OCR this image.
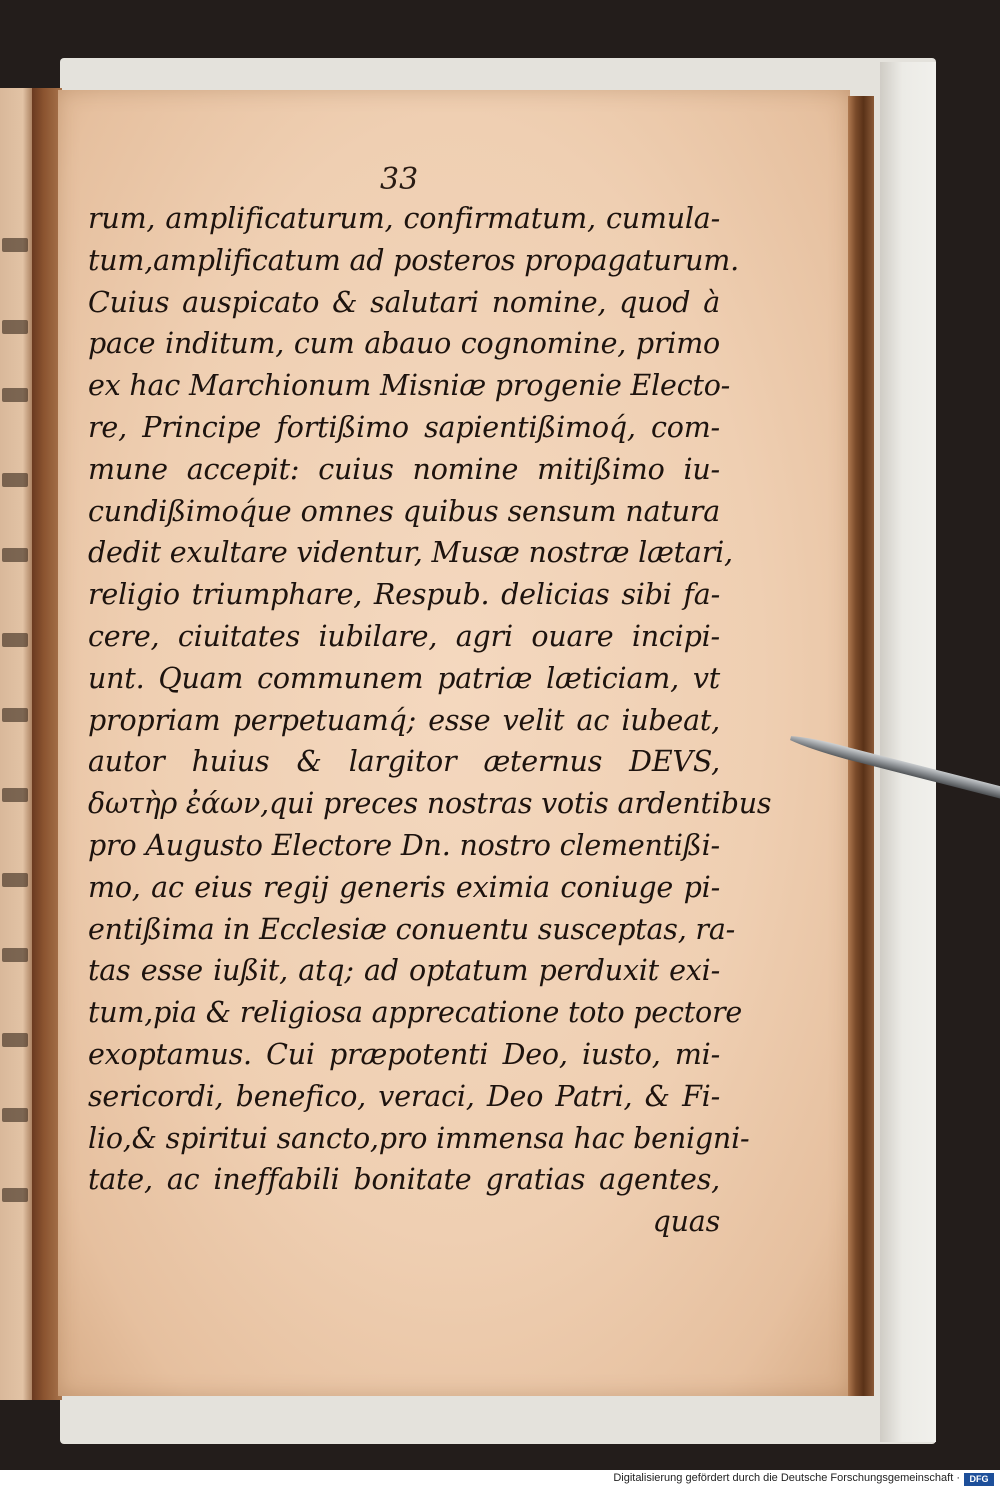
33
rum, amplificaturum, confirmatum, cumula-
tum,amplificatum ad posteros propagaturum.
Cuius auspicato & salutari nomine, quod à
pace inditum, cum abauo cognomine, primo
ex hac Marchionum Misniæ progenie Electo-
re, Principe fortißimo sapientißimoq́, com-
mune accepit: cuius nomine mitißimo iu-
cundißimoq́ue omnes quibus sensum natura
dedit exultare videntur, Musæ nostræ lætari,
religio triumphare, Respub. delicias sibi fa-
cere, ciuitates iubilare, agri ouare incipi-
unt. Quam communem patriæ læticiam, vt
propriam perpetuamq́; esse velit ac iubeat,
autor huius & largitor æternus DEVS,
δωτὴρ ἐάων,qui preces nostras votis ardentibus
pro Augusto Electore Dn. nostro clementißi-
mo, ac eius regij generis eximia coniuge pi-
entißima in Ecclesiæ conuentu susceptas, ra-
tas esse iußit, atq; ad optatum perduxit exi-
tum,pia & religiosa apprecatione toto pectore
exoptamus. Cui præpotenti Deo, iusto, mi-
sericordi, benefico, veraci, Deo Patri, & Fi-
lio,& spiritui sancto,pro immensa hac benigni-
tate, ac ineffabili bonitate gratias agentes,
quas
Digitalisierung gefördert durch die Deutsche Forschungsgemeinschaft ·	DFG
